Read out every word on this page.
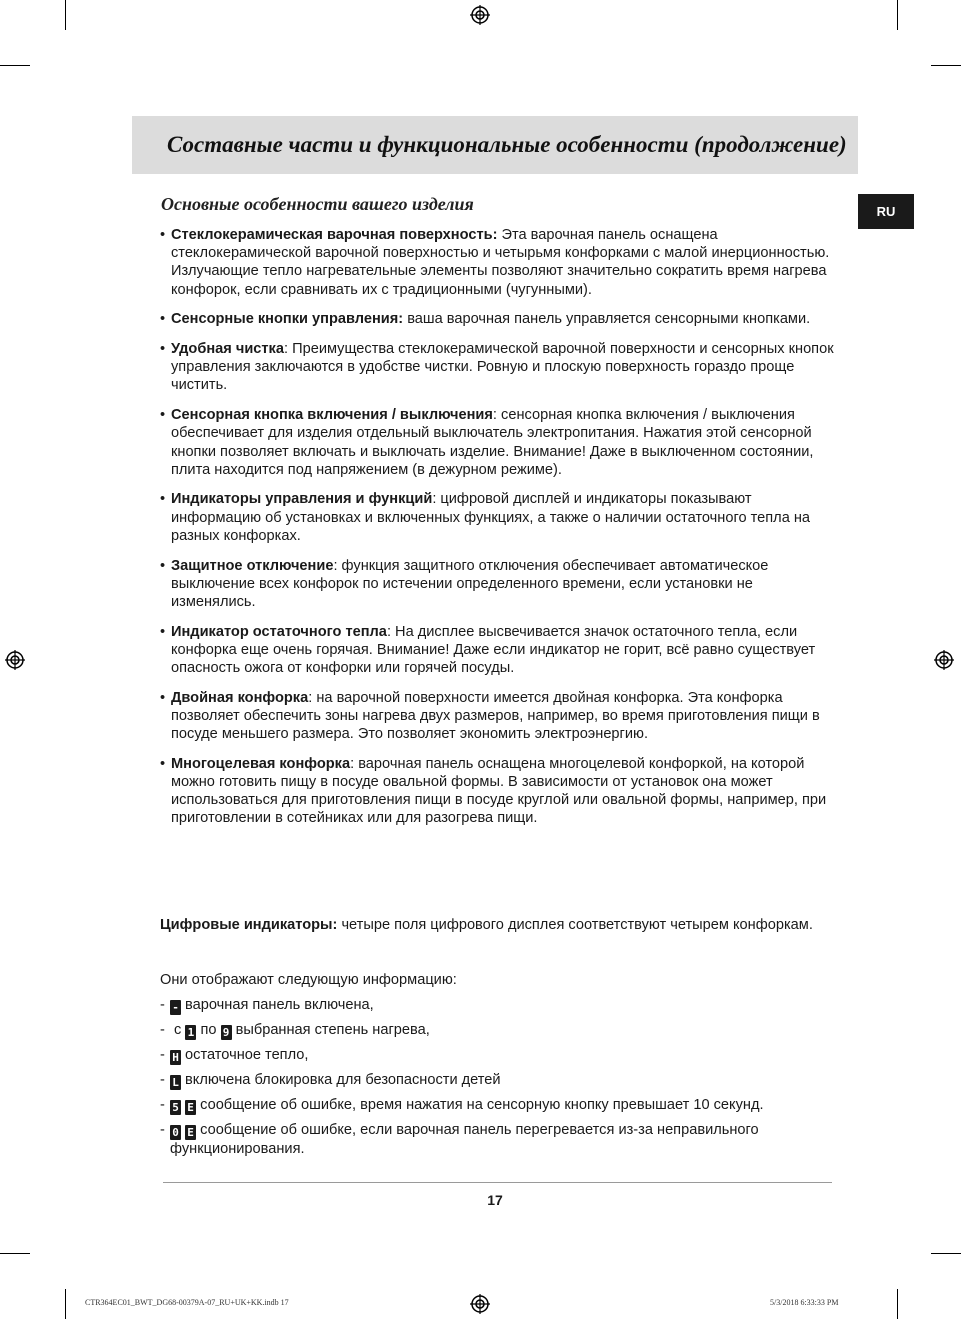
Составные части и функциональные особенности (продолжение)
RU
Основные особенности вашего изделия
• Стеклокерамическая варочная поверхность: Эта варочная панель оснащена стеклокерамической варочной поверхностью и четырьмя конфорками с малой инерционностью. Излучающие тепло нагревательные элементы позволяют значительно сократить время нагрева конфорок, если сравнивать их с традиционными (чугунными).
• Сенсорные кнопки управления: ваша варочная панель управляется сенсорными кнопками.
• Удобная чистка: Преимущества стеклокерамической варочной поверхности и сенсорных кнопок управления заключаются в удобстве чистки. Ровную и плоскую поверхность гораздо проще чистить.
• Сенсорная кнопка включения / выключения: сенсорная кнопка включения / выключения обеспечивает для изделия отдельный выключатель электропитания. Нажатия этой сенсорной кнопки позволяет включать и выключать изделие. Внимание! Даже в выключенном состоянии, плита находится под напряжением (в дежурном режиме).
• Индикаторы управления и функций: цифровой дисплей и индикаторы показывают информацию об установках и включенных функциях, а также о наличии остаточного тепла на разных конфорках.
• Защитное отключение: функция защитного отключения обеспечивает автоматическое выключение всех конфорок по истечении определенного времени, если установки не изменялись.
• Индикатор остаточного тепла: На дисплее высвечивается значок остаточного тепла, если конфорка еще очень горячая. Внимание! Даже если индикатор не горит, всё равно существует опасность ожога от конфорки или горячей посуды.
• Двойная конфорка: на варочной поверхности имеется двойная конфорка. Эта конфорка позволяет обеспечить зоны нагрева двух размеров, например, во время приготовления пищи в посуде меньшего размера. Это позволяет экономить электроэнергию.
• Многоцелевая конфорка: варочная панель оснащена многоцелевой конфоркой, на которой можно готовить пищу в посуде овальной формы. В зависимости от установок она может использоваться для приготовления пищи в посуде круглой или овальной формы, например, при приготовлении в сотейниках или для разогрева пищи.

Цифровые индикаторы: четыре поля цифрового дисплея соответствуют четырем конфоркам.

Они отображают следующую информацию:

- - варочная панель включена,
- с 1 по 9 выбранная степень нагрева,
- H остаточное тепло,
- L включена блокировка для безопасности детей
- 5 E сообщение об ошибке, время нажатия на сенсорную кнопку превышает 10 секунд.
- 0 E сообщение об ошибке, если варочная панель перегревается из-за неправильного
функционирования.
17
CTR364EC01_BWT_DG68-00379A-07_RU+UK+KK.indb 17	5/3/2018 6:33:33 PM
